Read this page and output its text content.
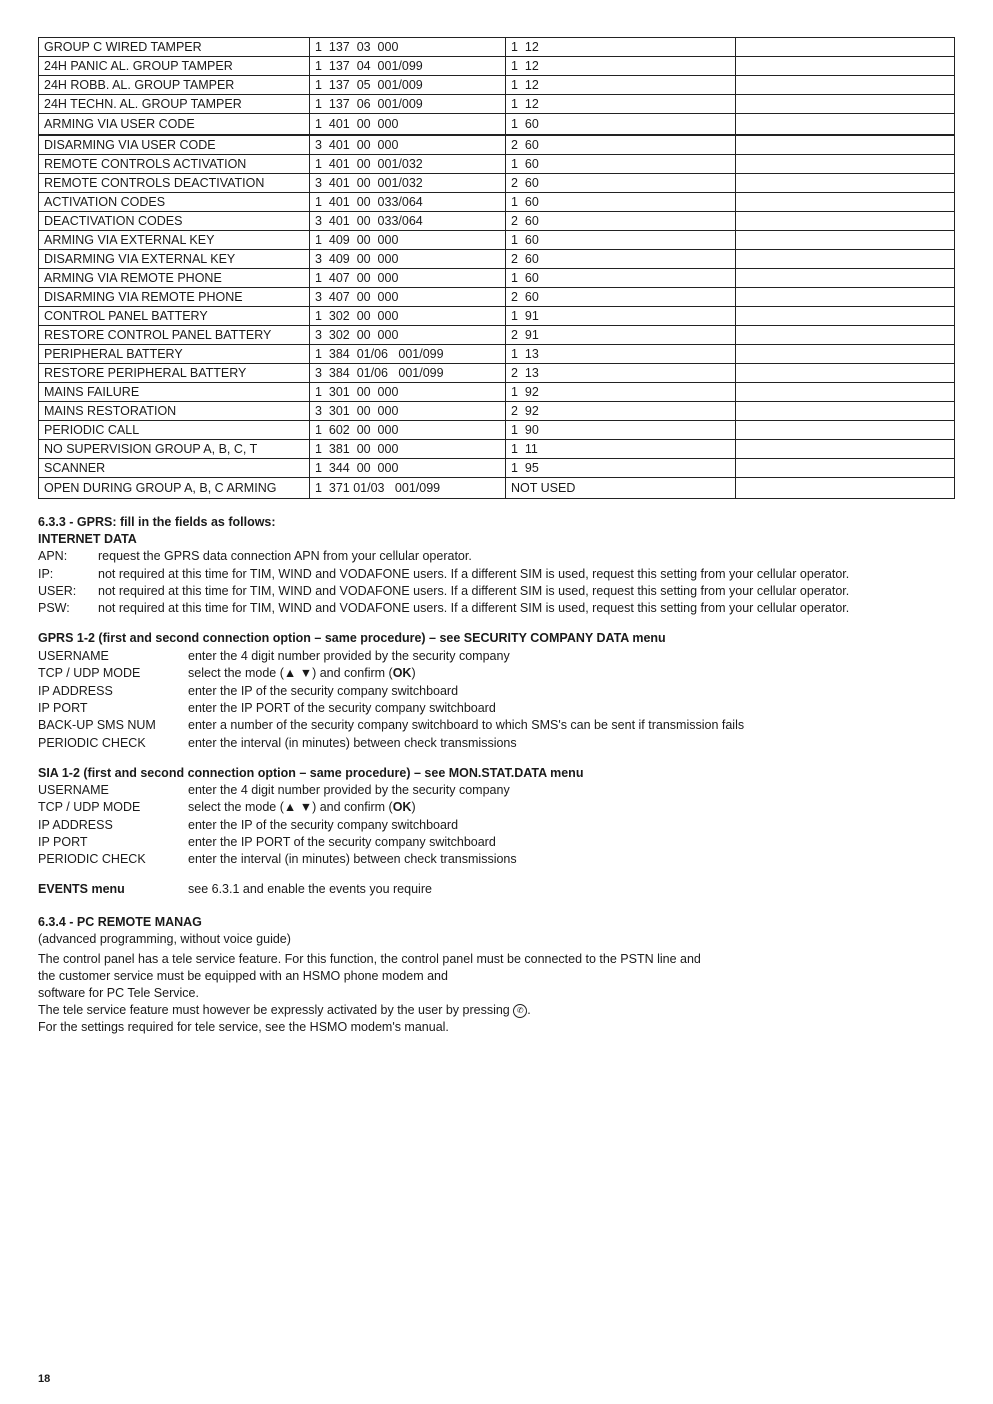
GROUP C WIRED TAMPER	1  137  03  000	1  12	
24H PANIC AL. GROUP TAMPER	1  137  04  001/099	1  12	
24H ROBB. AL. GROUP TAMPER	1  137  05  001/009	1  12	
24H TECHN. AL. GROUP TAMPER	1  137  06  001/009	1  12	
ARMING VIA USER CODE	1  401  00  000	1  60	
DISARMING VIA USER CODE	3  401  00  000	2  60	
REMOTE CONTROLS ACTIVATION	1  401  00  001/032	1  60	
REMOTE CONTROLS DEACTIVATION	3  401  00  001/032	2  60	
ACTIVATION CODES	1  401  00  033/064	1  60	
DEACTIVATION CODES	3  401  00  033/064	2  60	
ARMING VIA EXTERNAL KEY	1  409  00  000	1  60	
DISARMING VIA EXTERNAL KEY	3  409  00  000	2  60	
ARMING VIA REMOTE PHONE	1  407  00  000	1  60	
DISARMING VIA REMOTE PHONE	3  407  00  000	2  60	
CONTROL PANEL BATTERY	1  302  00  000	1  91	
RESTORE CONTROL PANEL BATTERY	3  302  00  000	2  91	
PERIPHERAL BATTERY	1  384  01/06   001/099	1  13	
RESTORE PERIPHERAL BATTERY	3  384  01/06   001/099	2  13	
MAINS FAILURE	1  301  00  000	1  92	
MAINS RESTORATION	3  301  00  000	2  92	
PERIODIC CALL	1  602  00  000	1  90	
NO SUPERVISION GROUP A, B, C, T	1  381  00  000	1  11	
SCANNER	1  344  00  000	1  95	
OPEN DURING GROUP A, B, C ARMING	1  371 01/03   001/099	NOT USED	
6.3.3 - GPRS: fill in the fields as follows:
INTERNET DATA
APN: request the GPRS data connection APN from your cellular operator.
IP:	not required at this time for TIM, WIND and VODAFONE users. If a different SIM is used, request this setting from your cellular operator.
USER: not required at this time for TIM, WIND and VODAFONE users. If a different SIM is used, request this setting from your cellular operator.
PSW: not required at this time for TIM, WIND and VODAFONE users. If a different SIM is used, request this setting from your cellular operator.
GPRS 1-2 (first and second connection option – same procedure) – see SECURITY COMPANY DATA menu
USERNAME	enter the 4 digit number provided by the security company
TCP / UDP MODE	select the mode (▲ ▼) and confirm (OK)
IP ADDRESS	enter the IP of the security company switchboard
IP PORT	enter the IP PORT of the security company switchboard
BACK-UP SMS NUM	enter a number of the security company switchboard to which SMS's can be sent if transmission fails
PERIODIC CHECK	enter the interval (in minutes) between check transmissions
SIA 1-2 (first and second connection option – same procedure) – see MON.STAT.DATA menu
USERNAME	enter the 4 digit number provided by the security company
TCP / UDP MODE	select the mode (▲ ▼) and confirm (OK)
IP ADDRESS	enter the IP of the security company switchboard
IP PORT	enter the IP PORT of the security company switchboard
PERIODIC CHECK	enter the interval (in minutes) between check transmissions
EVENTS menu	see 6.3.1 and enable the events you require
6.3.4 - PC REMOTE MANAG
(advanced programming, without voice guide)
The control panel has a tele service feature. For this function, the control panel must be connected to the PSTN line and
the customer service must be equipped with an HSMO phone modem and
software for PC Tele Service.
The tele service feature must however be expressly activated by the user by pressing ✆ .
For the settings required for tele service, see the HSMO modem's manual.
18
